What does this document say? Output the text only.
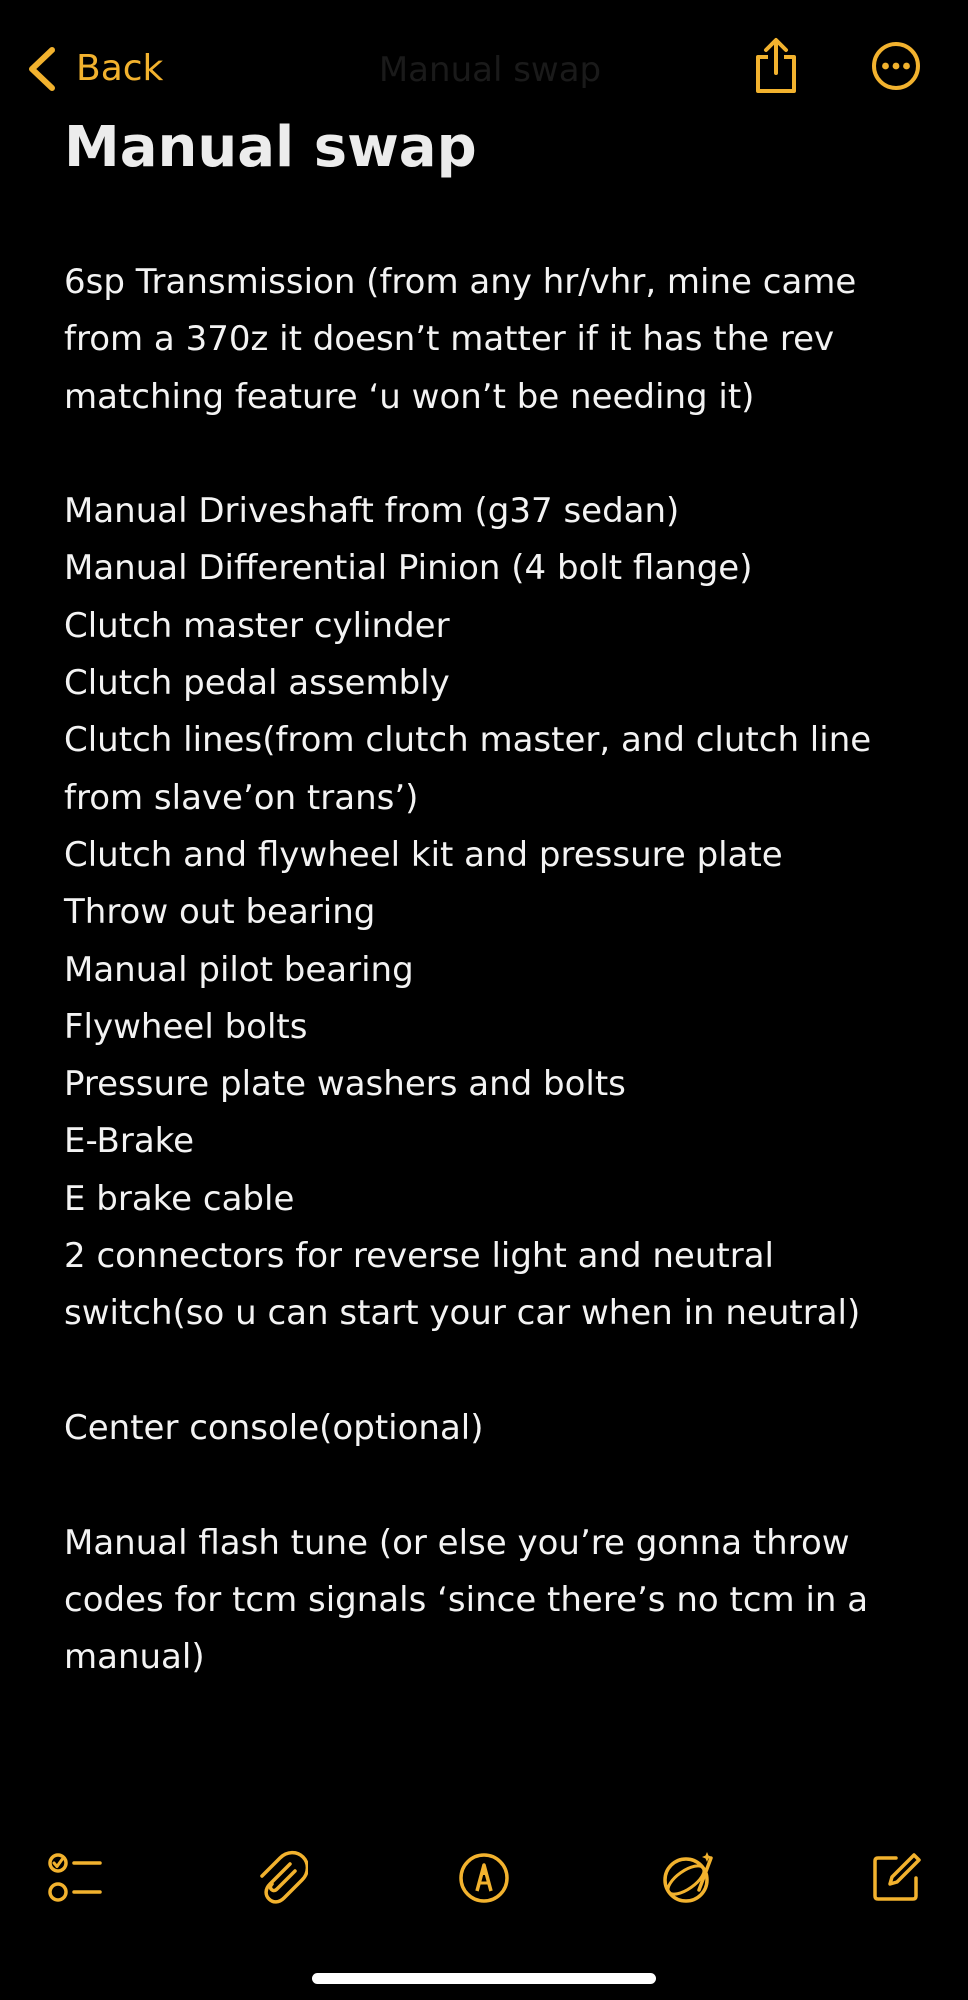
Back	Manual swap
Manual swap
6sp Transmission (from any hr/vhr, mine came
from a 370z it doesn’t matter if it has the rev
matching feature ‘u won’t be needing it)
Manual Driveshaft from (g37 sedan)
Manual Differential Pinion (4 bolt flange)
Clutch master cylinder
Clutch pedal assembly
Clutch lines(from clutch master, and clutch line
from slave’on trans’)
Clutch and flywheel kit and pressure plate
Throw out bearing
Manual pilot bearing
Flywheel bolts
Pressure plate washers and bolts
E-Brake
E brake cable
2 connectors for reverse light and neutral
switch(so u can start your car when in neutral)
Center console(optional)
Manual flash tune (or else you’re gonna throw
codes for tcm signals ‘since there’s no tcm in a
manual)
